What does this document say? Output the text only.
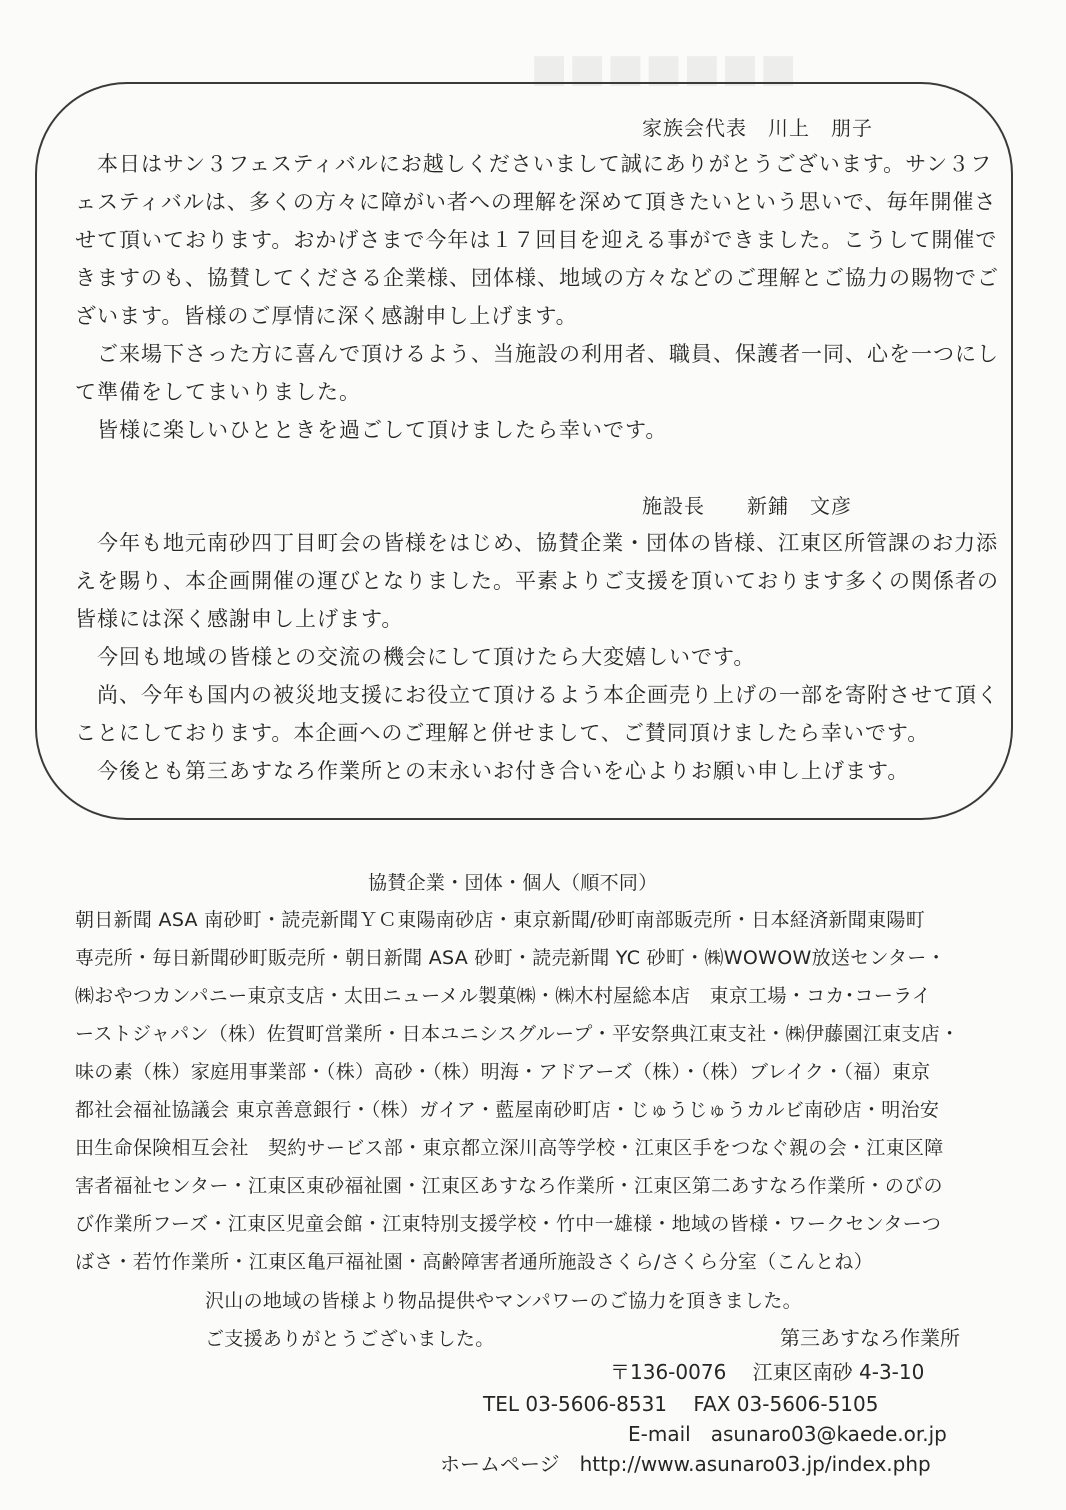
◼◼◼◼◼◼◼
家族会代表　川上　朋子
　本日はサン３フェスティバルにお越しくださいまして誠にありがとうございます。サン３フ
ェスティバルは、多くの方々に障がい者への理解を深めて頂きたいという思いで、毎年開催さ
せて頂いております。おかげさまで今年は１７回目を迎える事ができました。こうして開催で
きますのも、協賛してくださる企業様、団体様、地域の方々などのご理解とご協力の賜物でご
ざいます。皆様のご厚情に深く感謝申し上げます。
　ご来場下さった方に喜んで頂けるよう、当施設の利用者、職員、保護者一同、心を一つにし
て準備をしてまいりました。
　皆様に楽しいひとときを過ごして頂けましたら幸いです。
施設長　　新鋪　文彦
　今年も地元南砂四丁目町会の皆様をはじめ、協賛企業・団体の皆様、江東区所管課のお力添
えを賜り、本企画開催の運びとなりました。平素よりご支援を頂いております多くの関係者の
皆様には深く感謝申し上げます。
　今回も地域の皆様との交流の機会にして頂けたら大変嬉しいです。
　尚、今年も国内の被災地支援にお役立て頂けるよう本企画売り上げの一部を寄附させて頂く
ことにしております。本企画へのご理解と併せまして、ご賛同頂けましたら幸いです。
　今後とも第三あすなろ作業所との末永いお付き合いを心よりお願い申し上げます。
協賛企業・団体・個人（順不同）
朝日新聞 ASA 南砂町・読売新聞ＹＣ東陽南砂店・東京新聞/砂町南部販売所・日本経済新聞東陽町
専売所・毎日新聞砂町販売所・朝日新聞 ASA 砂町・読売新聞 YC 砂町・㈱WOWOW放送センター・
㈱おやつカンパニー東京支店・太田ニューメル製菓㈱・㈱木村屋総本店　東京工場・コカ･コーライ
ーストジャパン（株）佐賀町営業所・日本ユニシスグループ・平安祭典江東支社・㈱伊藤園江東支店・
味の素（株）家庭用事業部・（株）高砂・（株）明海・アドアーズ（株）・（株）ブレイク・（福）東京
都社会福祉協議会 東京善意銀行・（株）ガイア・藍屋南砂町店・じゅうじゅうカルビ南砂店・明治安
田生命保険相互会社　契約サービス部・東京都立深川高等学校・江東区手をつなぐ親の会・江東区障
害者福祉センター・江東区東砂福祉園・江東区あすなろ作業所・江東区第二あすなろ作業所・のびの
び作業所フーズ・江東区児童会館・江東特別支援学校・竹中一雄様・地域の皆様・ワークセンターつ
ばさ・若竹作業所・江東区亀戸福祉園・高齢障害者通所施設さくら/さくら分室（こんとね）
沢山の地域の皆様より物品提供やマンパワーのご協力を頂きました。
ご支援ありがとうございました。	第三あすなろ作業所
〒136-0076　 江東区南砂 4-3-10
TEL 03-5606-8531　 FAX 03-5606-5105
E-mail　asunaro03@kaede.or.jp
ホームページ　http://www.asunaro03.jp/index.php
